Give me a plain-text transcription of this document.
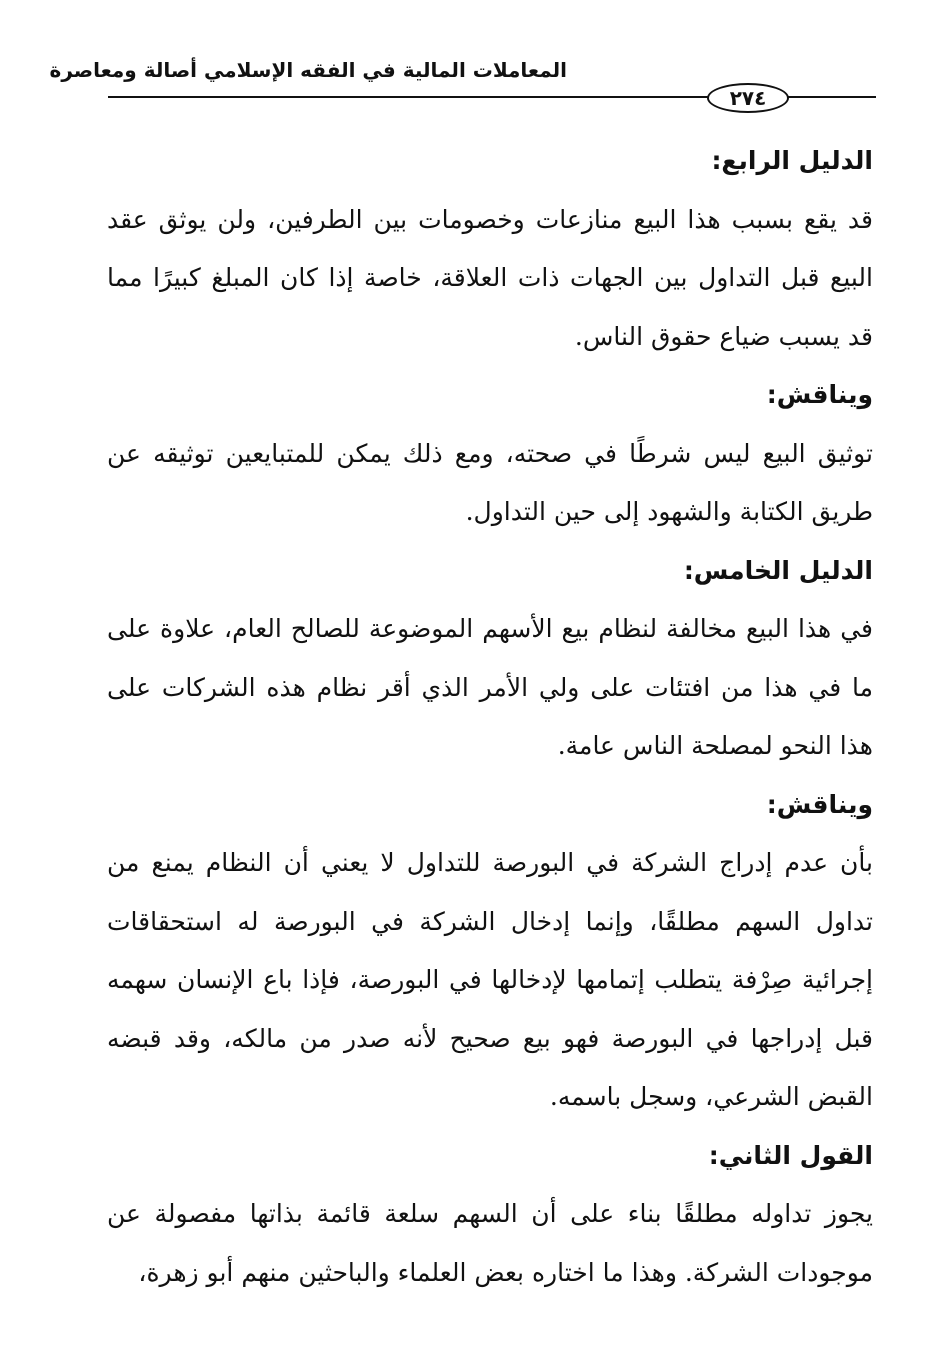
المعاملات المالية في الفقه الإسلامي أصالة ومعاصرة
٢٧٤
الدليل الرابع:

قد يقع بسبب هذا البيع منازعات وخصومات بين الطرفين، ولن يوثق عقد البيع قبل التداول بين الجهات ذات العلاقة، خاصة إذا كان المبلغ كبيرًا مما قد يسبب ضياع حقوق الناس.

ويناقش:

توثيق البيع ليس شرطًا في صحته، ومع ذلك يمكن للمتبايعين توثيقه عن طريق الكتابة والشهود إلى حين التداول.

الدليل الخامس:

في هذا البيع مخالفة لنظام بيع الأسهم الموضوعة للصالح العام، علاوة على ما في هذا من افتئات على ولي الأمر الذي أقر نظام هذه الشركات على هذا النحو لمصلحة الناس عامة.

ويناقش:

بأن عدم إدراج الشركة في البورصة للتداول لا يعني أن النظام يمنع من تداول السهم مطلقًا، وإنما إدخال الشركة في البورصة له استحقاقات إجرائية صِرْفة يتطلب إتمامها لإدخالها في البورصة، فإذا باع الإنسان سهمه قبل إدراجها في البورصة فهو بيع صحيح لأنه صدر من مالكه، وقد قبضه القبض الشرعي، وسجل باسمه.

القول الثاني:

يجوز تداوله مطلقًا بناء على أن السهم سلعة قائمة بذاتها مفصولة عن موجودات الشركة. وهذا ما اختاره بعض العلماء والباحثين منهم أبو زهرة،
